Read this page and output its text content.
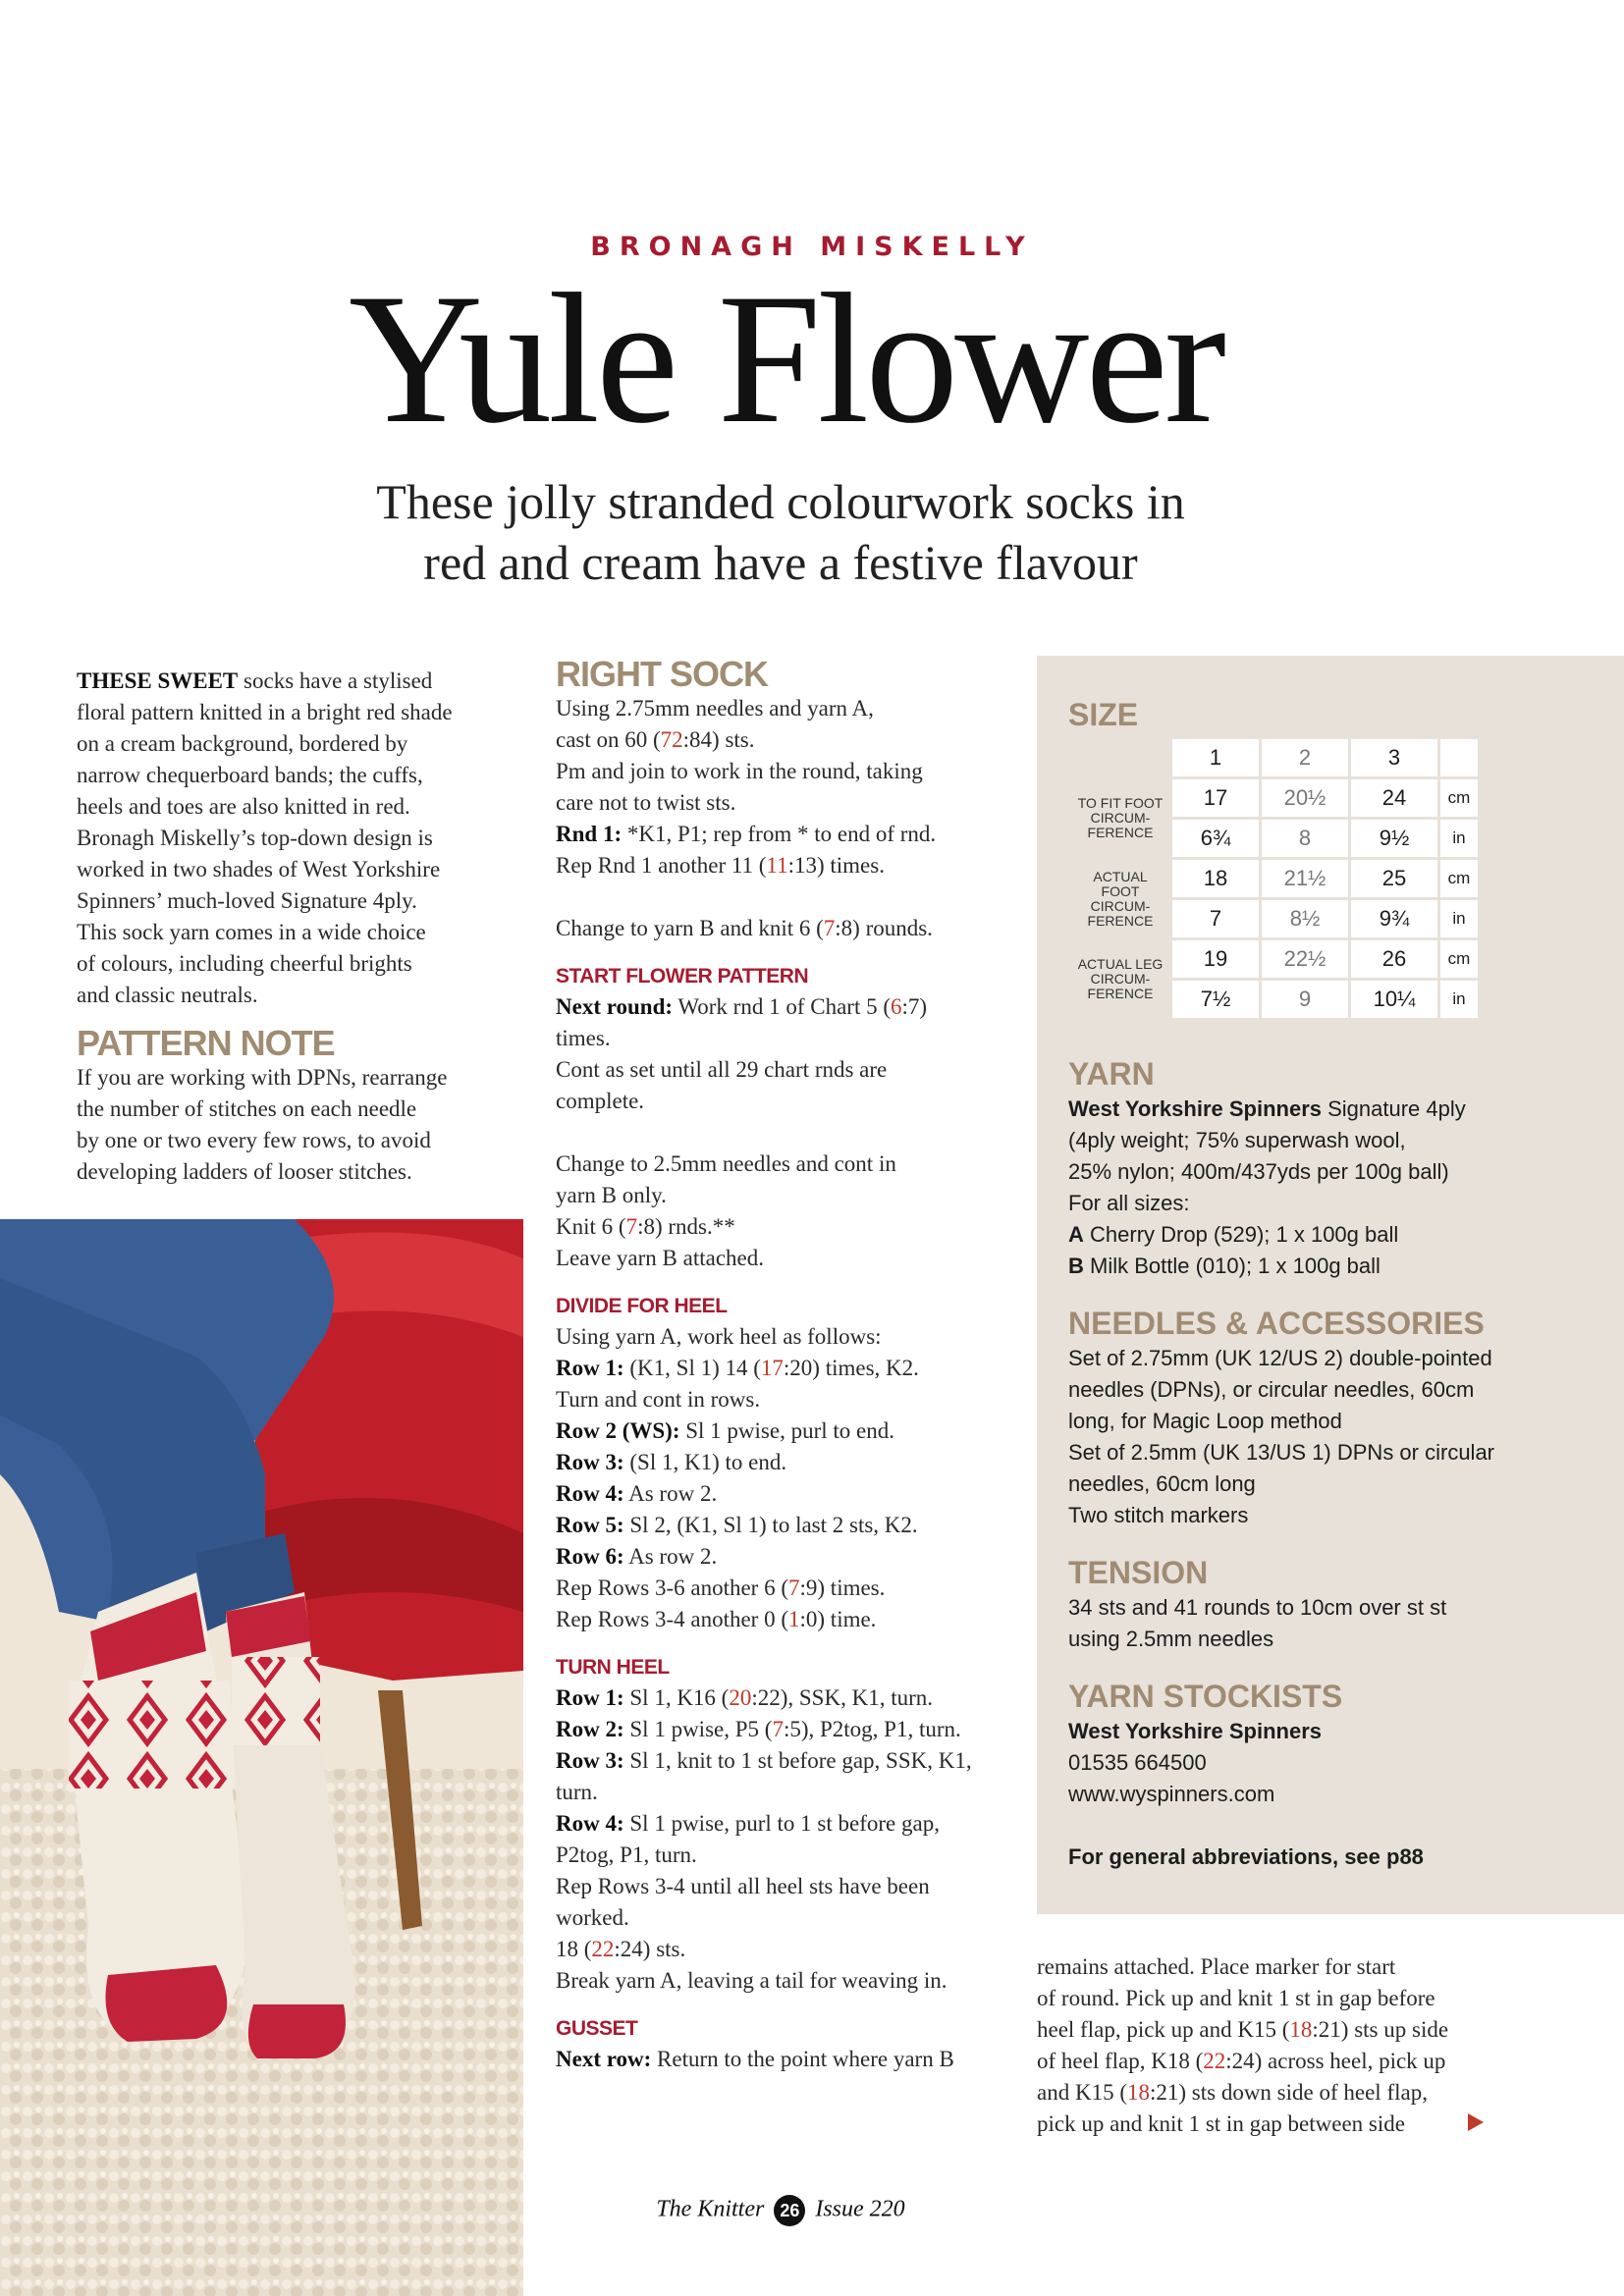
BRONAGH MISKELLY
Yule Flower
These jolly stranded colourwork socks in
red and cream have a festive flavour

THESE SWEET socks have a stylised

floral pattern knitted in a bright red shade

on a cream background, bordered by

narrow chequerboard bands; the cuffs,

heels and toes are also knitted in red.

Bronagh Miskelly’s top-down design is

worked in two shades of West Yorkshire

Spinners’ much-loved Signature 4ply.

This sock yarn comes in a wide choice

of colours, including cheerful brights

and classic neutrals.

PATTERN NOTE

If you are working with DPNs, rearrange

the number of stitches on each needle

by one or two every few rows, to avoid

developing ladders of looser stitches.

RIGHT SOCK

Using 2.75mm needles and yarn A,

cast on 60 (72:84) sts.

Pm and join to work in the round, taking

care not to twist sts.

Rnd 1: *K1, P1; rep from * to end of rnd.

Rep Rnd 1 another 11 (11:13) times.

Change to yarn B and knit 6 (7:8) rounds.

START FLOWER PATTERN

Next round: Work rnd 1 of Chart 5 (6:7)

times.

Cont as set until all 29 chart rnds are

complete.

Change to 2.5mm needles and cont in

yarn B only.

Knit 6 (7:8) rnds.**

Leave yarn B attached.

DIVIDE FOR HEEL

Using yarn A, work heel as follows:

Row 1: (K1, Sl 1) 14 (17:20) times, K2.

Turn and cont in rows.

Row 2 (WS): Sl 1 pwise, purl to end.

Row 3: (Sl 1, K1) to end.

Row 4: As row 2.

Row 5: Sl 2, (K1, Sl 1) to last 2 sts, K2.

Row 6: As row 2.

Rep Rows 3-6 another 6 (7:9) times.

Rep Rows 3-4 another 0 (1:0) time.

TURN HEEL

Row 1: Sl 1, K16 (20:22), SSK, K1, turn.

Row 2: Sl 1 pwise, P5 (7:5), P2tog, P1, turn.

Row 3: Sl 1, knit to 1 st before gap, SSK, K1,

turn.

Row 4: Sl 1 pwise, purl to 1 st before gap,

P2tog, P1, turn.

Rep Rows 3-4 until all heel sts have been

worked.

18 (22:24) sts.

Break yarn A, leaving a tail for weaving in.

GUSSET

Next row: Return to the point where yarn B

SIZE
	1	2	3	
TO FIT FOOT CIRCUM-FERENCE	17	20½	24	cm
	6¾	8	9½	in
ACTUAL FOOT CIRCUM-FERENCE	18	21½	25	cm
	7	8½	9¾	in
ACTUAL LEG CIRCUM-FERENCE	19	22½	26	cm
	7½	9	10¼	in
YARN
West Yorkshire Spinners Signature 4ply
(4ply weight; 75% superwash wool,
25% nylon; 400m/437yds per 100g ball)
For all sizes:
A Cherry Drop (529); 1 x 100g ball
B Milk Bottle (010); 1 x 100g ball
NEEDLES & ACCESSORIES
Set of 2.75mm (UK 12/US 2) double-pointed
needles (DPNs), or circular needles, 60cm
long, for Magic Loop method
Set of 2.5mm (UK 13/US 1) DPNs or circular
needles, 60cm long
Two stitch markers
TENSION
34 sts and 41 rounds to 10cm over st st
using 2.5mm needles
YARN STOCKISTS
West Yorkshire Spinners
01535 664500
www.wyspinners.com
For general abbreviations, see p88

remains attached. Place marker for start

of round. Pick up and knit 1 st in gap before

heel flap, pick up and K15 (18:21) sts up side

of heel flap, K18 (22:24) across heel, pick up

and K15 (18:21) sts down side of heel flap,

pick up and knit 1 st in gap between side

The Knitter 26 Issue 220
